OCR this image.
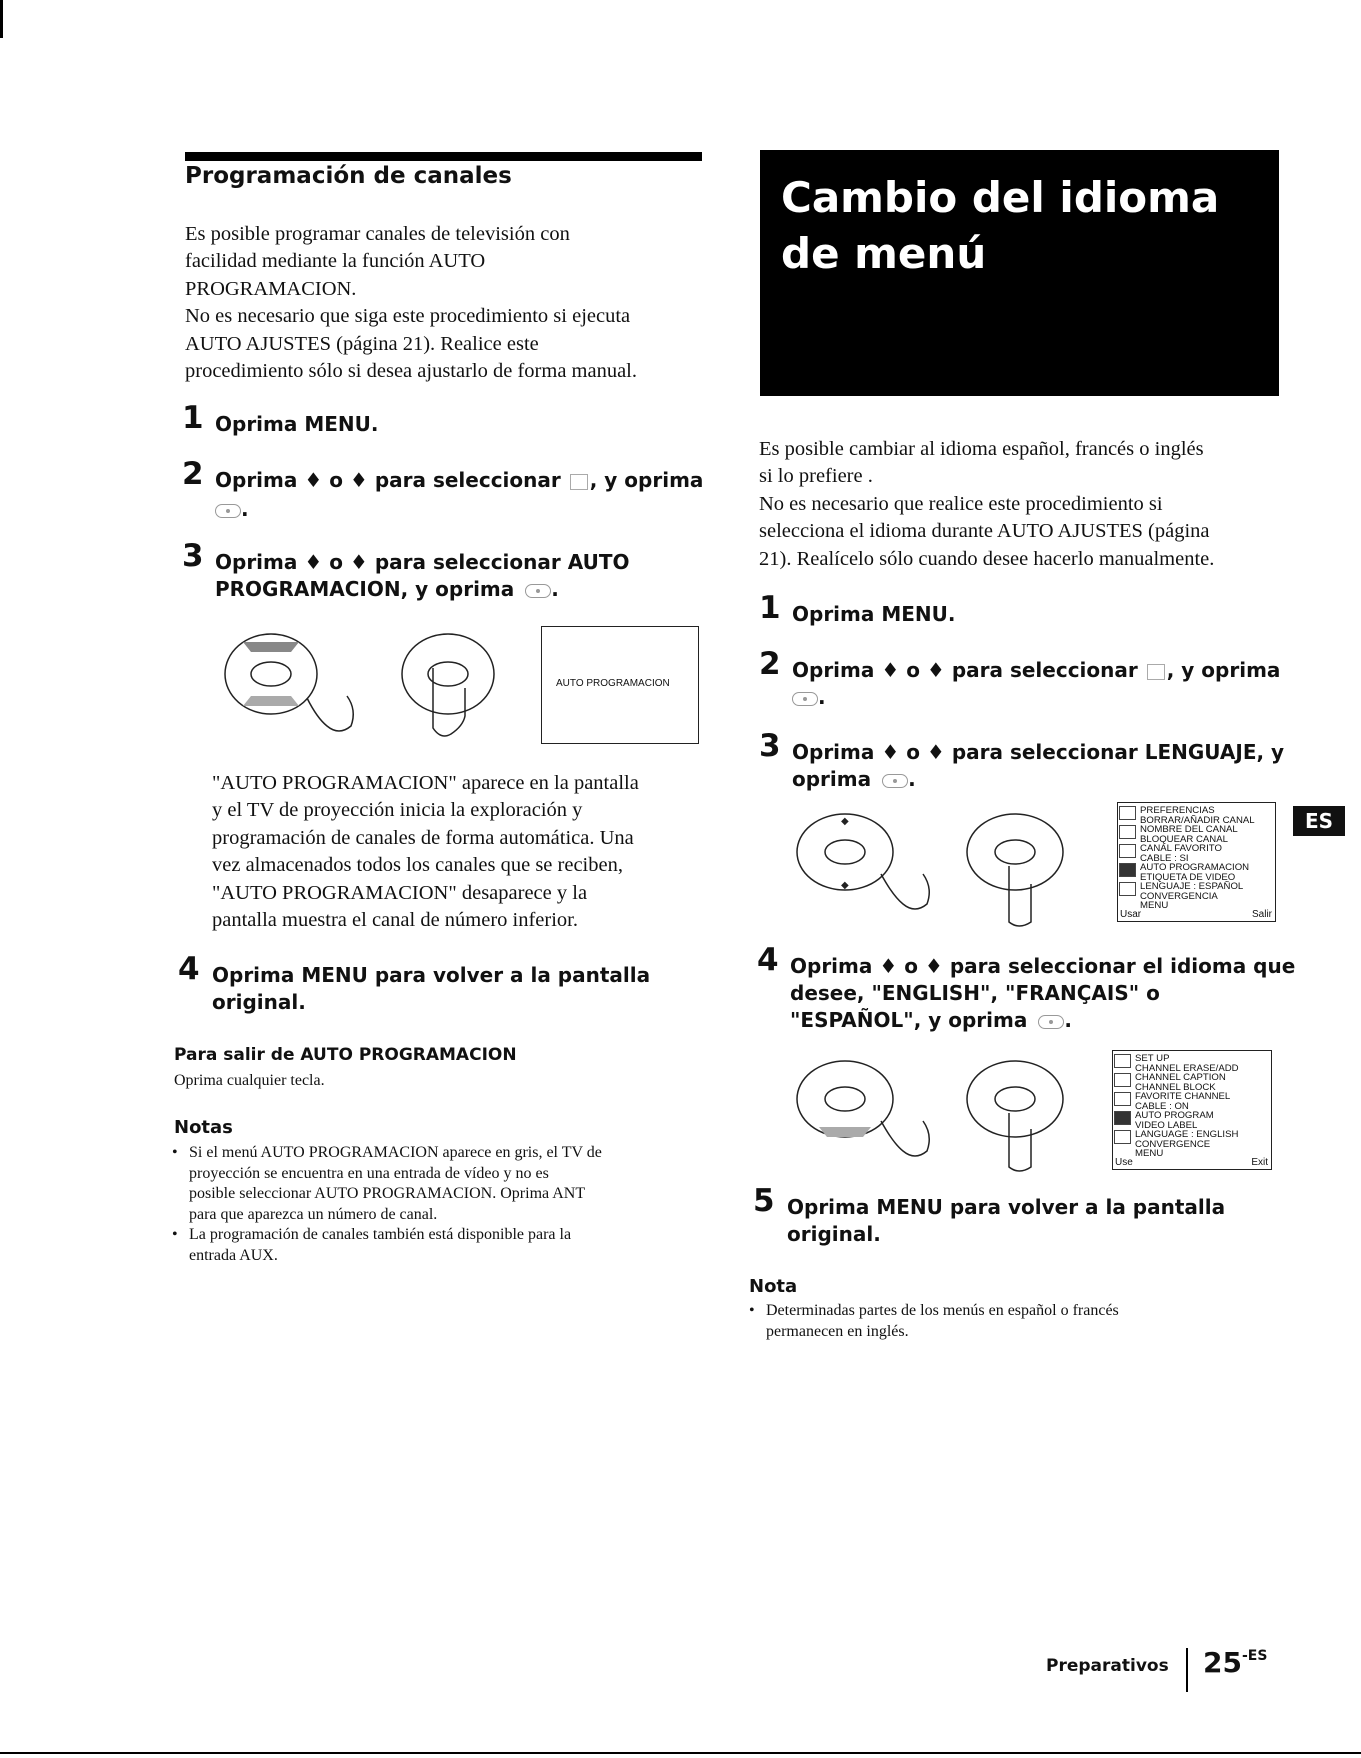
Programación de canales
Es posible programar canales de televisión con
facilidad mediante la función AUTO
PROGRAMACION.
No es necesario que siga este procedimiento si ejecuta
AUTO AJUSTES (página 21). Realice este
procedimiento sólo si desea ajustarlo de forma manual.
1 Oprima MENU.
2 Oprima ♦ o ♦ para seleccionar , y oprima
.
3 Oprima ♦ o ♦ para seleccionar AUTO
PROGRAMACION, y oprima .
AUTO PROGRAMACION
"AUTO PROGRAMACION" aparece en la pantalla
y el TV de proyección inicia la exploración y
programación de canales de forma automática. Una
vez almacenados todos los canales que se reciben,
"AUTO PROGRAMACION" desaparece y la
pantalla muestra el canal de número inferior.
4 Oprima MENU para volver a la pantalla
original.
Para salir de AUTO PROGRAMACION
Oprima cualquier tecla.
Notas
• Si el menú AUTO PROGRAMACION aparece en gris, el TV de
proyección se encuentra en una entrada de vídeo y no es
posible seleccionar AUTO PROGRAMACION. Oprima ANT
para que aparezca un número de canal.
• La programación de canales también está disponible para la
entrada AUX.
Cambio del idioma
de menú
Es posible cambiar al idioma español, francés o inglés
si lo prefiere .
No es necesario que realice este procedimiento si
selecciona el idioma durante AUTO AJUSTES (página
21). Realícelo sólo cuando desee hacerlo manualmente.
1 Oprima MENU.
2 Oprima ♦ o ♦ para seleccionar , y oprima
.
3 Oprima ♦ o ♦ para seleccionar LENGUAJE, y
oprima .
◆
◆
PREFERENCIAS
BORRAR/AÑADIR CANAL
NOMBRE DEL CANAL
BLOQUEAR CANAL
CANAL FAVORITO
CABLE : SI
AUTO PROGRAMACION
ETIQUETA DE VIDEO
LENGUAJE : ESPAÑOL
CONVERGENCIA
MENU
Usar	Salir
ES
4 Oprima ♦ o ♦ para seleccionar el idioma que
desee, "ENGLISH", "FRANÇAIS" o
"ESPAÑOL", y oprima .
SET UP
CHANNEL ERASE/ADD
CHANNEL CAPTION
CHANNEL BLOCK
FAVORITE CHANNEL
CABLE : ON
AUTO PROGRAM
VIDEO LABEL
LANGUAGE : ENGLISH
CONVERGENCE
MENU
Use	Exit
5 Oprima MENU para volver a la pantalla
original.
Nota
• Determinadas partes de los menús en español o francés
permanecen en inglés.
Preparativos $25^{-ES}$
